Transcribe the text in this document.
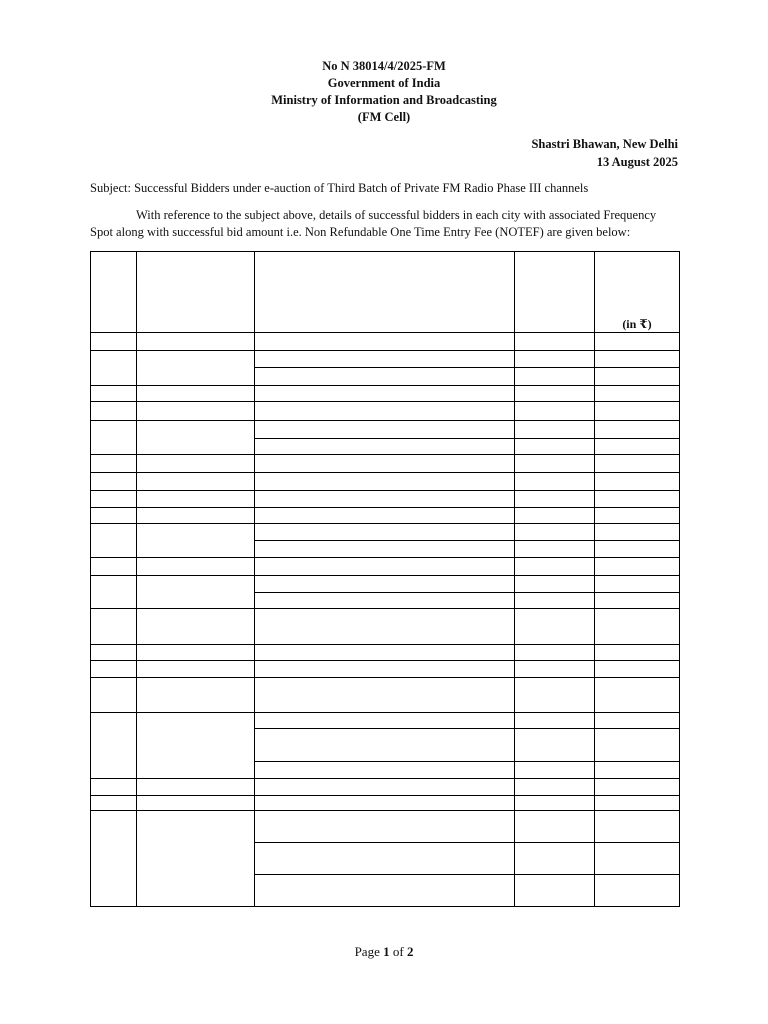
No N 38014/4/2025-FM
Government of India
Ministry of Information and Broadcasting
(FM Cell)
Shastri Bhawan, New Delhi
13 August 2025
Subject: Successful Bidders under e-auction of Third Batch of Private FM Radio Phase III channels
With reference to the subject above, details of successful bidders in each city with associated Frequency
Spot along with successful bid amount i.e. Non Refundable One Time Entry Fee (NOTEF) are given below:
				(in ₹)

Page 1 of 2
